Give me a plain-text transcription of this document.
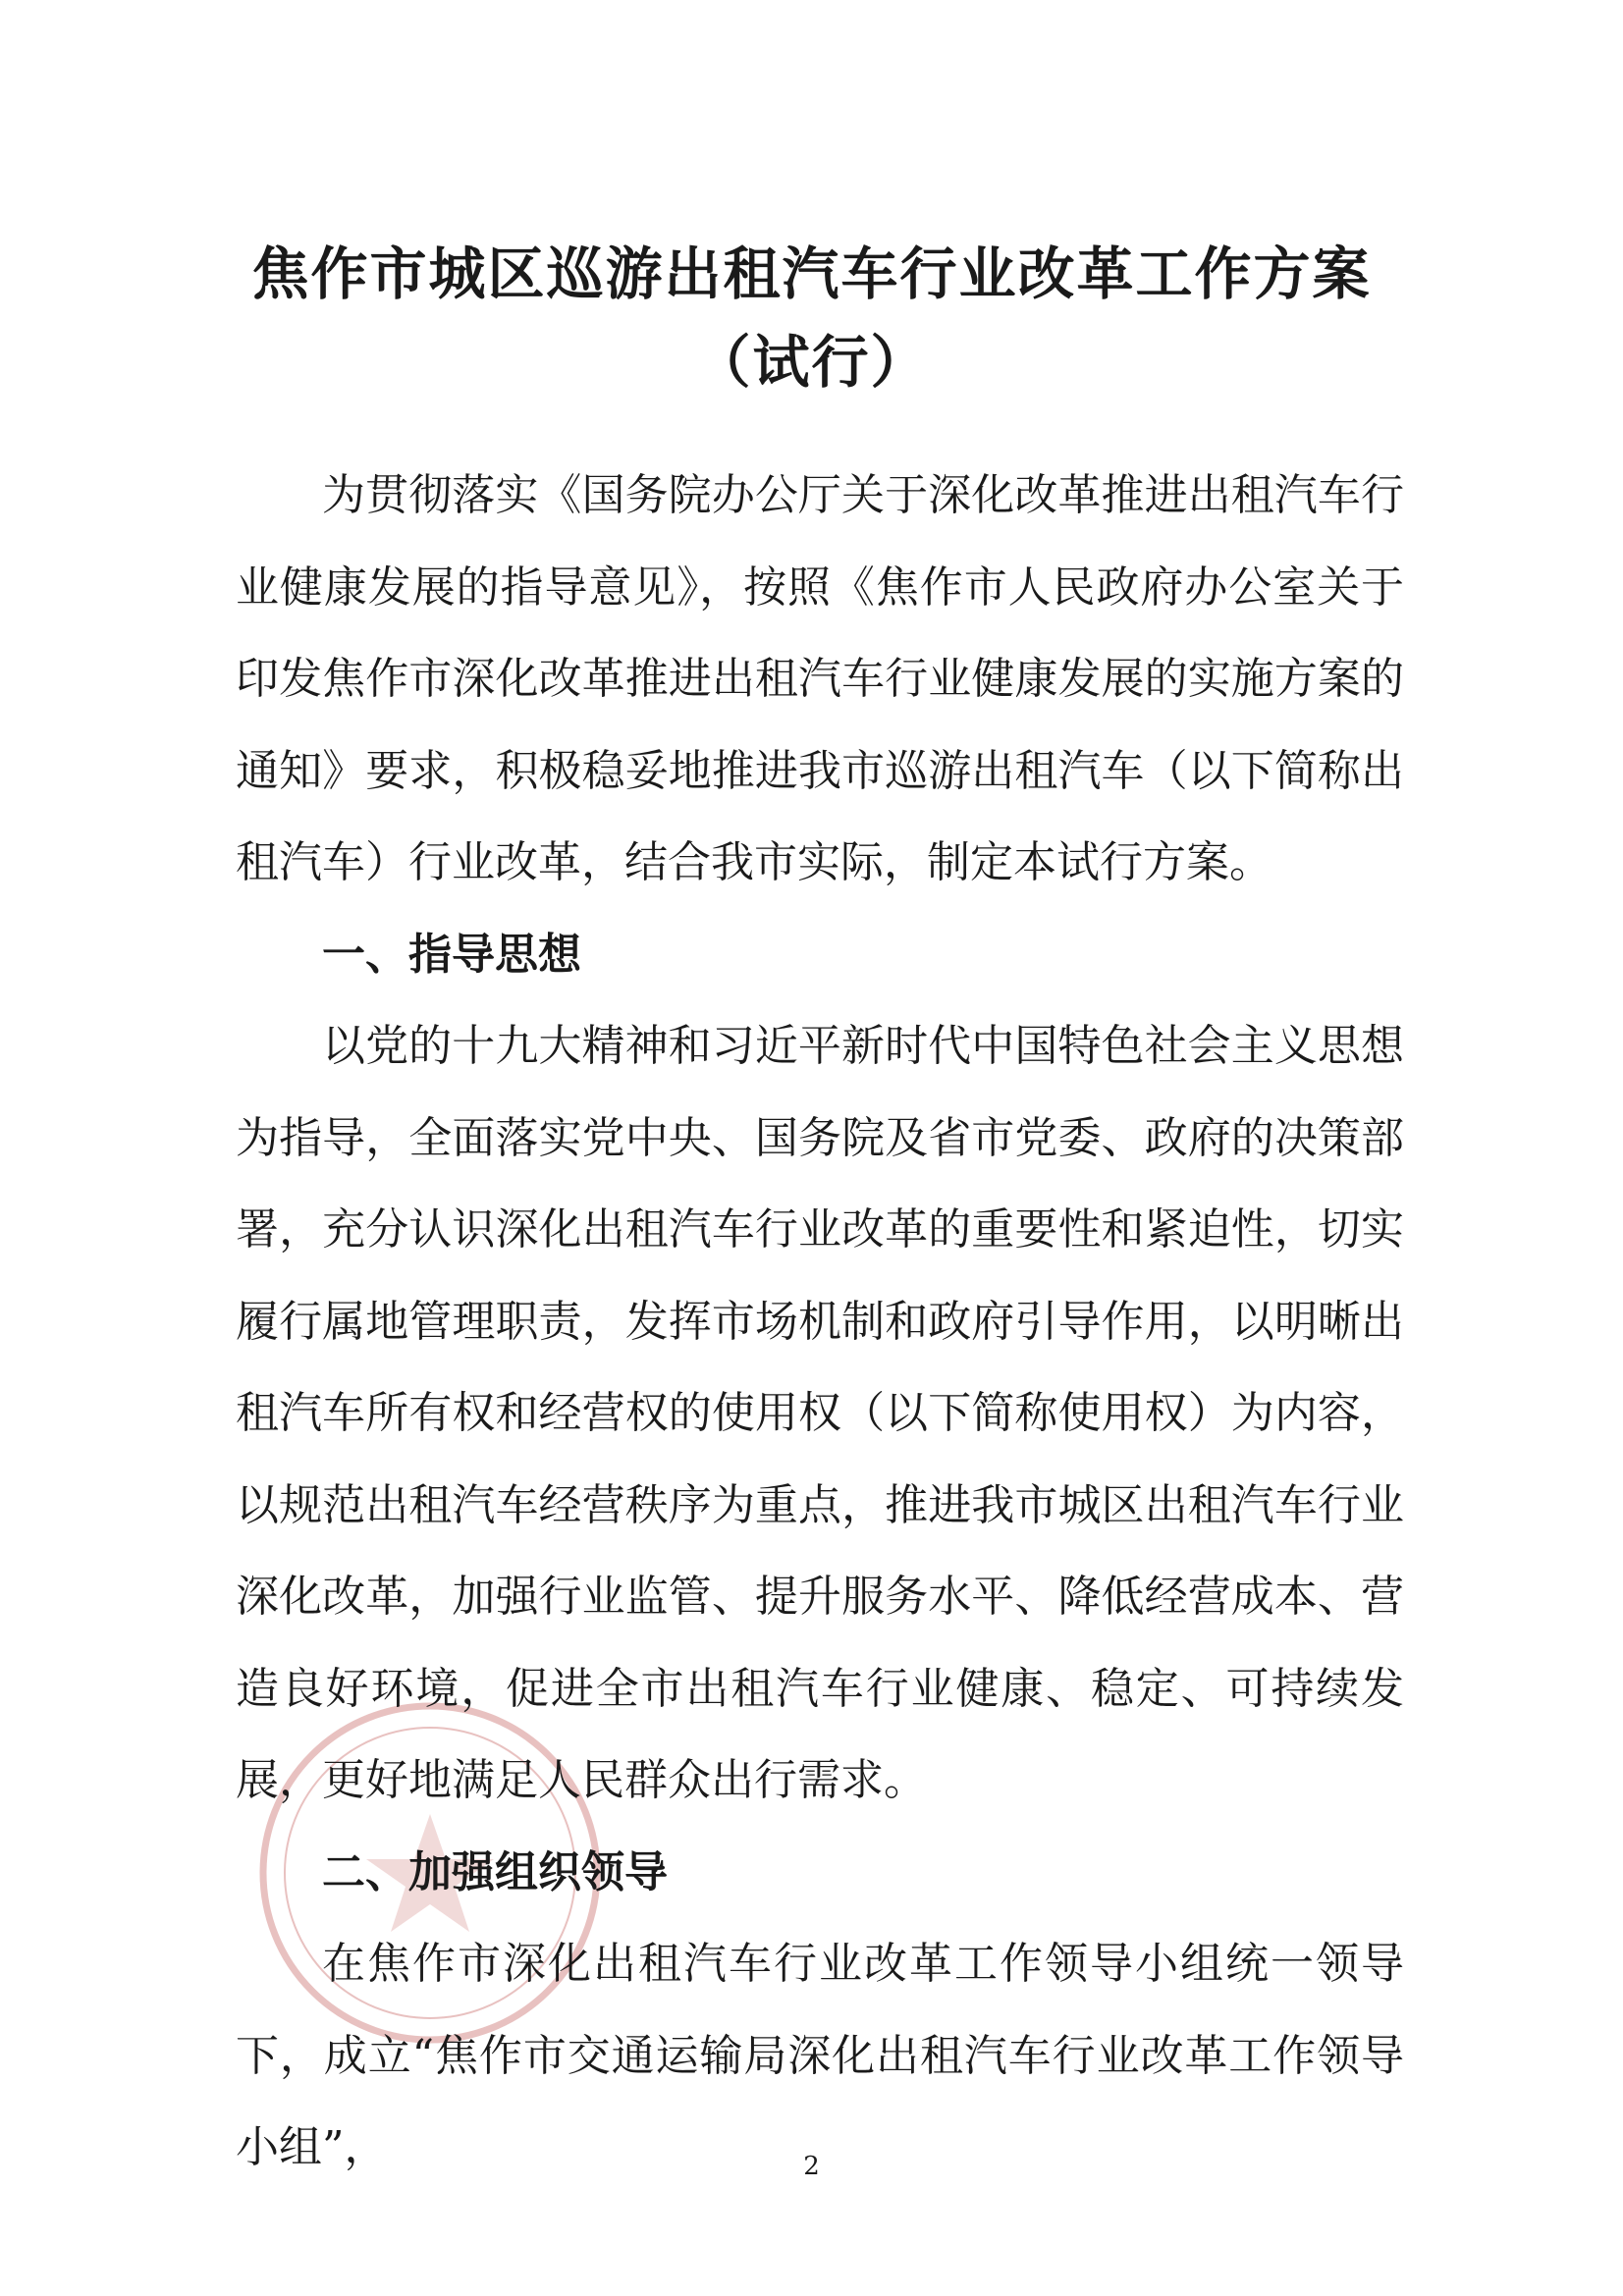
焦作市城区巡游出租汽车行业改革工作方案
（试行）

为贯彻落实《国务院办公厅关于深化改革推进出租汽车行业健康发展的指导意见》，按照《焦作市人民政府办公室关于印发焦作市深化改革推进出租汽车行业健康发展的实施方案的通知》要求，积极稳妥地推进我市巡游出租汽车（以下简称出租汽车）行业改革，结合我市实际，制定本试行方案。

一、指导思想

以党的十九大精神和习近平新时代中国特色社会主义思想为指导，全面落实党中央、国务院及省市党委、政府的决策部署，充分认识深化出租汽车行业改革的重要性和紧迫性，切实履行属地管理职责，发挥市场机制和政府引导作用，以明晰出租汽车所有权和经营权的使用权（以下简称使用权）为内容，以规范出租汽车经营秩序为重点，推进我市城区出租汽车行业深化改革，加强行业监管、提升服务水平、降低经营成本、营造良好环境，促进全市出租汽车行业健康、稳定、可持续发展，更好地满足人民群众出行需求。

二、加强组织领导

在焦作市深化出租汽车行业改革工作领导小组统一领导下，成立“焦作市交通运输局深化出租汽车行业改革工作领导小组”，	2
